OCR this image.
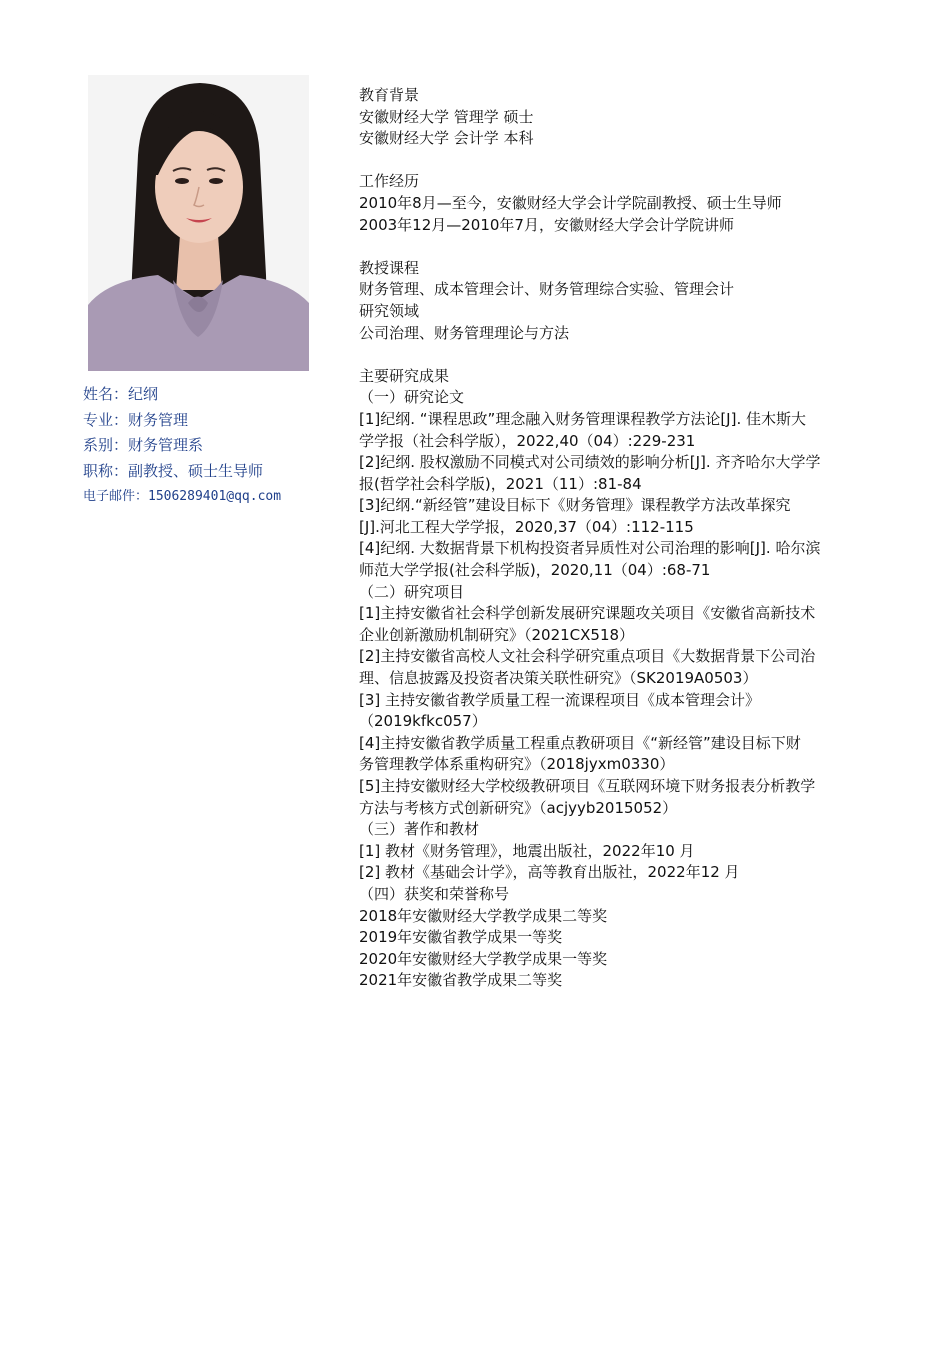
姓名：纪纲
专业：财务管理
系别：财务管理系
职称：副教授、硕士生导师
电子邮件：1506289401@qq.com
教育背景
安徽财经大学 管理学 硕士
安徽财经大学 会计学 本科
工作经历
2010年8月—至今，安徽财经大学会计学院副教授、硕士生导师
2003年12月—2010年7月，安徽财经大学会计学院讲师
教授课程
财务管理、成本管理会计、财务管理综合实验、管理会计
研究领域
公司治理、财务管理理论与方法
主要研究成果
（一）研究论文
[1]纪纲. “课程思政”理念融入财务管理课程教学方法论[J]. 佳木斯大
学学报（社会科学版），2022,40（04）:229-231
[2]纪纲. 股权激励不同模式对公司绩效的影响分析[J]. 齐齐哈尔大学学
报(哲学社会科学版)，2021（11）:81-84
[3]纪纲.“新经管”建设目标下《财务管理》课程教学方法改革探究
[J].河北工程大学学报，2020,37（04）:112-115
[4]纪纲. 大数据背景下机构投资者异质性对公司治理的影响[J]. 哈尔滨
师范大学学报(社会科学版)，2020,11（04）:68-71
（二）研究项目
[1]主持安徽省社会科学创新发展研究课题攻关项目《安徽省高新技术
企业创新激励机制研究》（2021CX518）
[2]主持安徽省高校人文社会科学研究重点项目《大数据背景下公司治
理、信息披露及投资者决策关联性研究》（SK2019A0503）
[3] 主持安徽省教学质量工程一流课程项目《成本管理会计》
（2019kfkc057）
[4]主持安徽省教学质量工程重点教研项目《“新经管”建设目标下财
务管理教学体系重构研究》（2018jyxm0330）
[5]主持安徽财经大学校级教研项目《互联网环境下财务报表分析教学
方法与考核方式创新研究》（acjyyb2015052）
（三）著作和教材
[1] 教材《财务管理》，地震出版社，2022年10 月
[2] 教材《基础会计学》，高等教育出版社，2022年12 月
（四）获奖和荣誉称号
2018年安徽财经大学教学成果二等奖
2019年安徽省教学成果一等奖
2020年安徽财经大学教学成果一等奖
2021年安徽省教学成果二等奖
